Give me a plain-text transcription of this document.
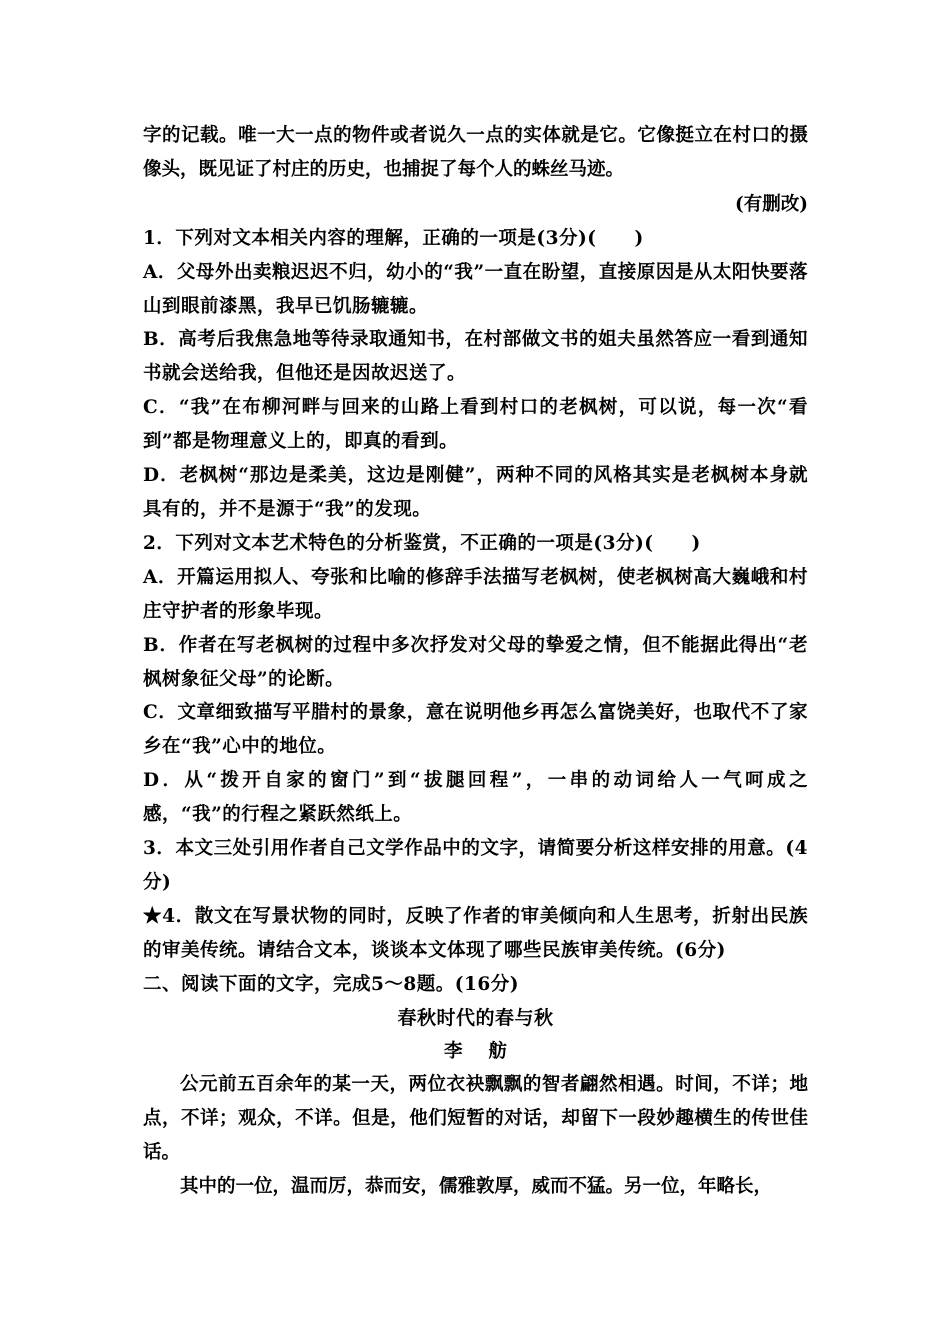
字的记载。唯一大一点的物件或者说久一点的实体就是它。它像挺立在村口的摄像头，既见证了村庄的历史，也捕捉了每个人的蛛丝马迹。

(有删改)

1．下列对文本相关内容的理解，正确的一项是(3分)(　　)

A．父母外出卖粮迟迟不归，幼小的“我”一直在盼望，直接原因是从太阳快要落山到眼前漆黑，我早已饥肠辘辘。

B．高考后我焦急地等待录取通知书，在村部做文书的姐夫虽然答应一看到通知书就会送给我，但他还是因故迟送了。

C．“我”在布柳河畔与回来的山路上看到村口的老枫树，可以说，每一次“看到”都是物理意义上的，即真的看到。

D．老枫树“那边是柔美，这边是刚健”，两种不同的风格其实是老枫树本身就具有的，并不是源于“我”的发现。

2．下列对文本艺术特色的分析鉴赏，不正确的一项是(3分)(　　)

A．开篇运用拟人、夸张和比喻的修辞手法描写老枫树，使老枫树高大巍峨和村庄守护者的形象毕现。

B．作者在写老枫树的过程中多次抒发对父母的挚爱之情，但不能据此得出“老枫树象征父母”的论断。

C．文章细致描写平腊村的景象，意在说明他乡再怎么富饶美好，也取代不了家乡在“我”心中的地位。

D．从“拨开自家的窗门”到“拔腿回程”，一串的动词给人一气呵成之感，“我”的行程之紧跃然纸上。

3．本文三处引用作者自己文学作品中的文字，请简要分析这样安排的用意。(4分)

★4．散文在写景状物的同时，反映了作者的审美倾向和人生思考，折射出民族的审美传统。请结合文本，谈谈本文体现了哪些民族审美传统。(6分)

二、阅读下面的文字，完成5～8题。(16分)

春秋时代的春与秋

李舫

公元前五百余年的某一天，两位衣袂飘飘的智者翩然相遇。时间，不详；地点，不详；观众，不详。但是，他们短暂的对话，却留下一段妙趣横生的传世佳话。

其中的一位，温而厉，恭而安，儒雅敦厚，威而不猛。另一位，年略长，
